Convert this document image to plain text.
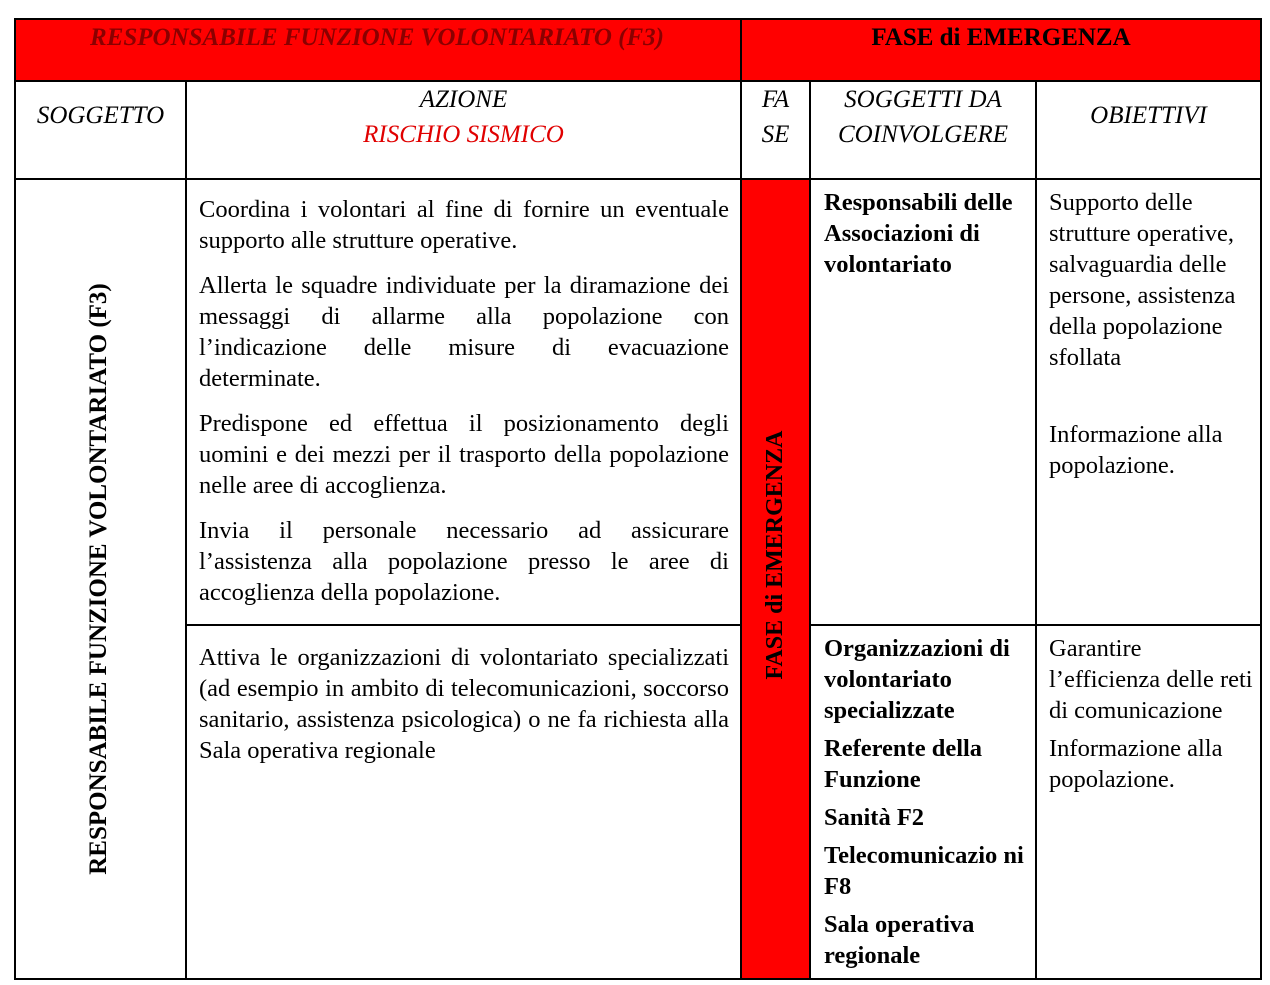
RESPONSABILE FUNZIONE VOLONTARIATO (F3)	FASE di EMERGENZA
SOGGETTO
AZIONE
RISCHIO SISMICO
FA
SE
SOGGETTI DA
COINVOLGERE
OBIETTIVI
RESPONSABILE FUNZIONE VOLONTARIATO (F3)	FASE di EMERGENZA

Coordina i volontari al fine di fornire un eventuale supporto alle strutture operative.

Allerta le squadre individuate per la diramazione dei messaggi di allarme alla popolazione con l’indicazione delle misure di evacuazione determinate.

Predispone ed effettua il posizionamento degli uomini e dei mezzi per il trasporto della popolazione nelle aree di accoglienza.

Invia il personale necessario ad assicurare l’assistenza alla popolazione presso le aree di accoglienza della popolazione.

Responsabili delle Associazioni di volontariato

Supporto delle strutture operative, salvaguardia delle persone, assistenza della popolazione sfollata

Informazione alla popolazione.

Attiva le organizzazioni di volontariato specializzati (ad esempio in ambito di telecomunicazioni, soccorso sanitario, assistenza psicologica) o ne fa richiesta alla Sala operativa regionale

Organizzazioni di volontariato specializzate

Referente della Funzione

Sanità F2

Telecomunicazio ni F8

Sala operativa regionale

Garantire l’efficienza delle reti di comunicazione

Informazione alla popolazione.
